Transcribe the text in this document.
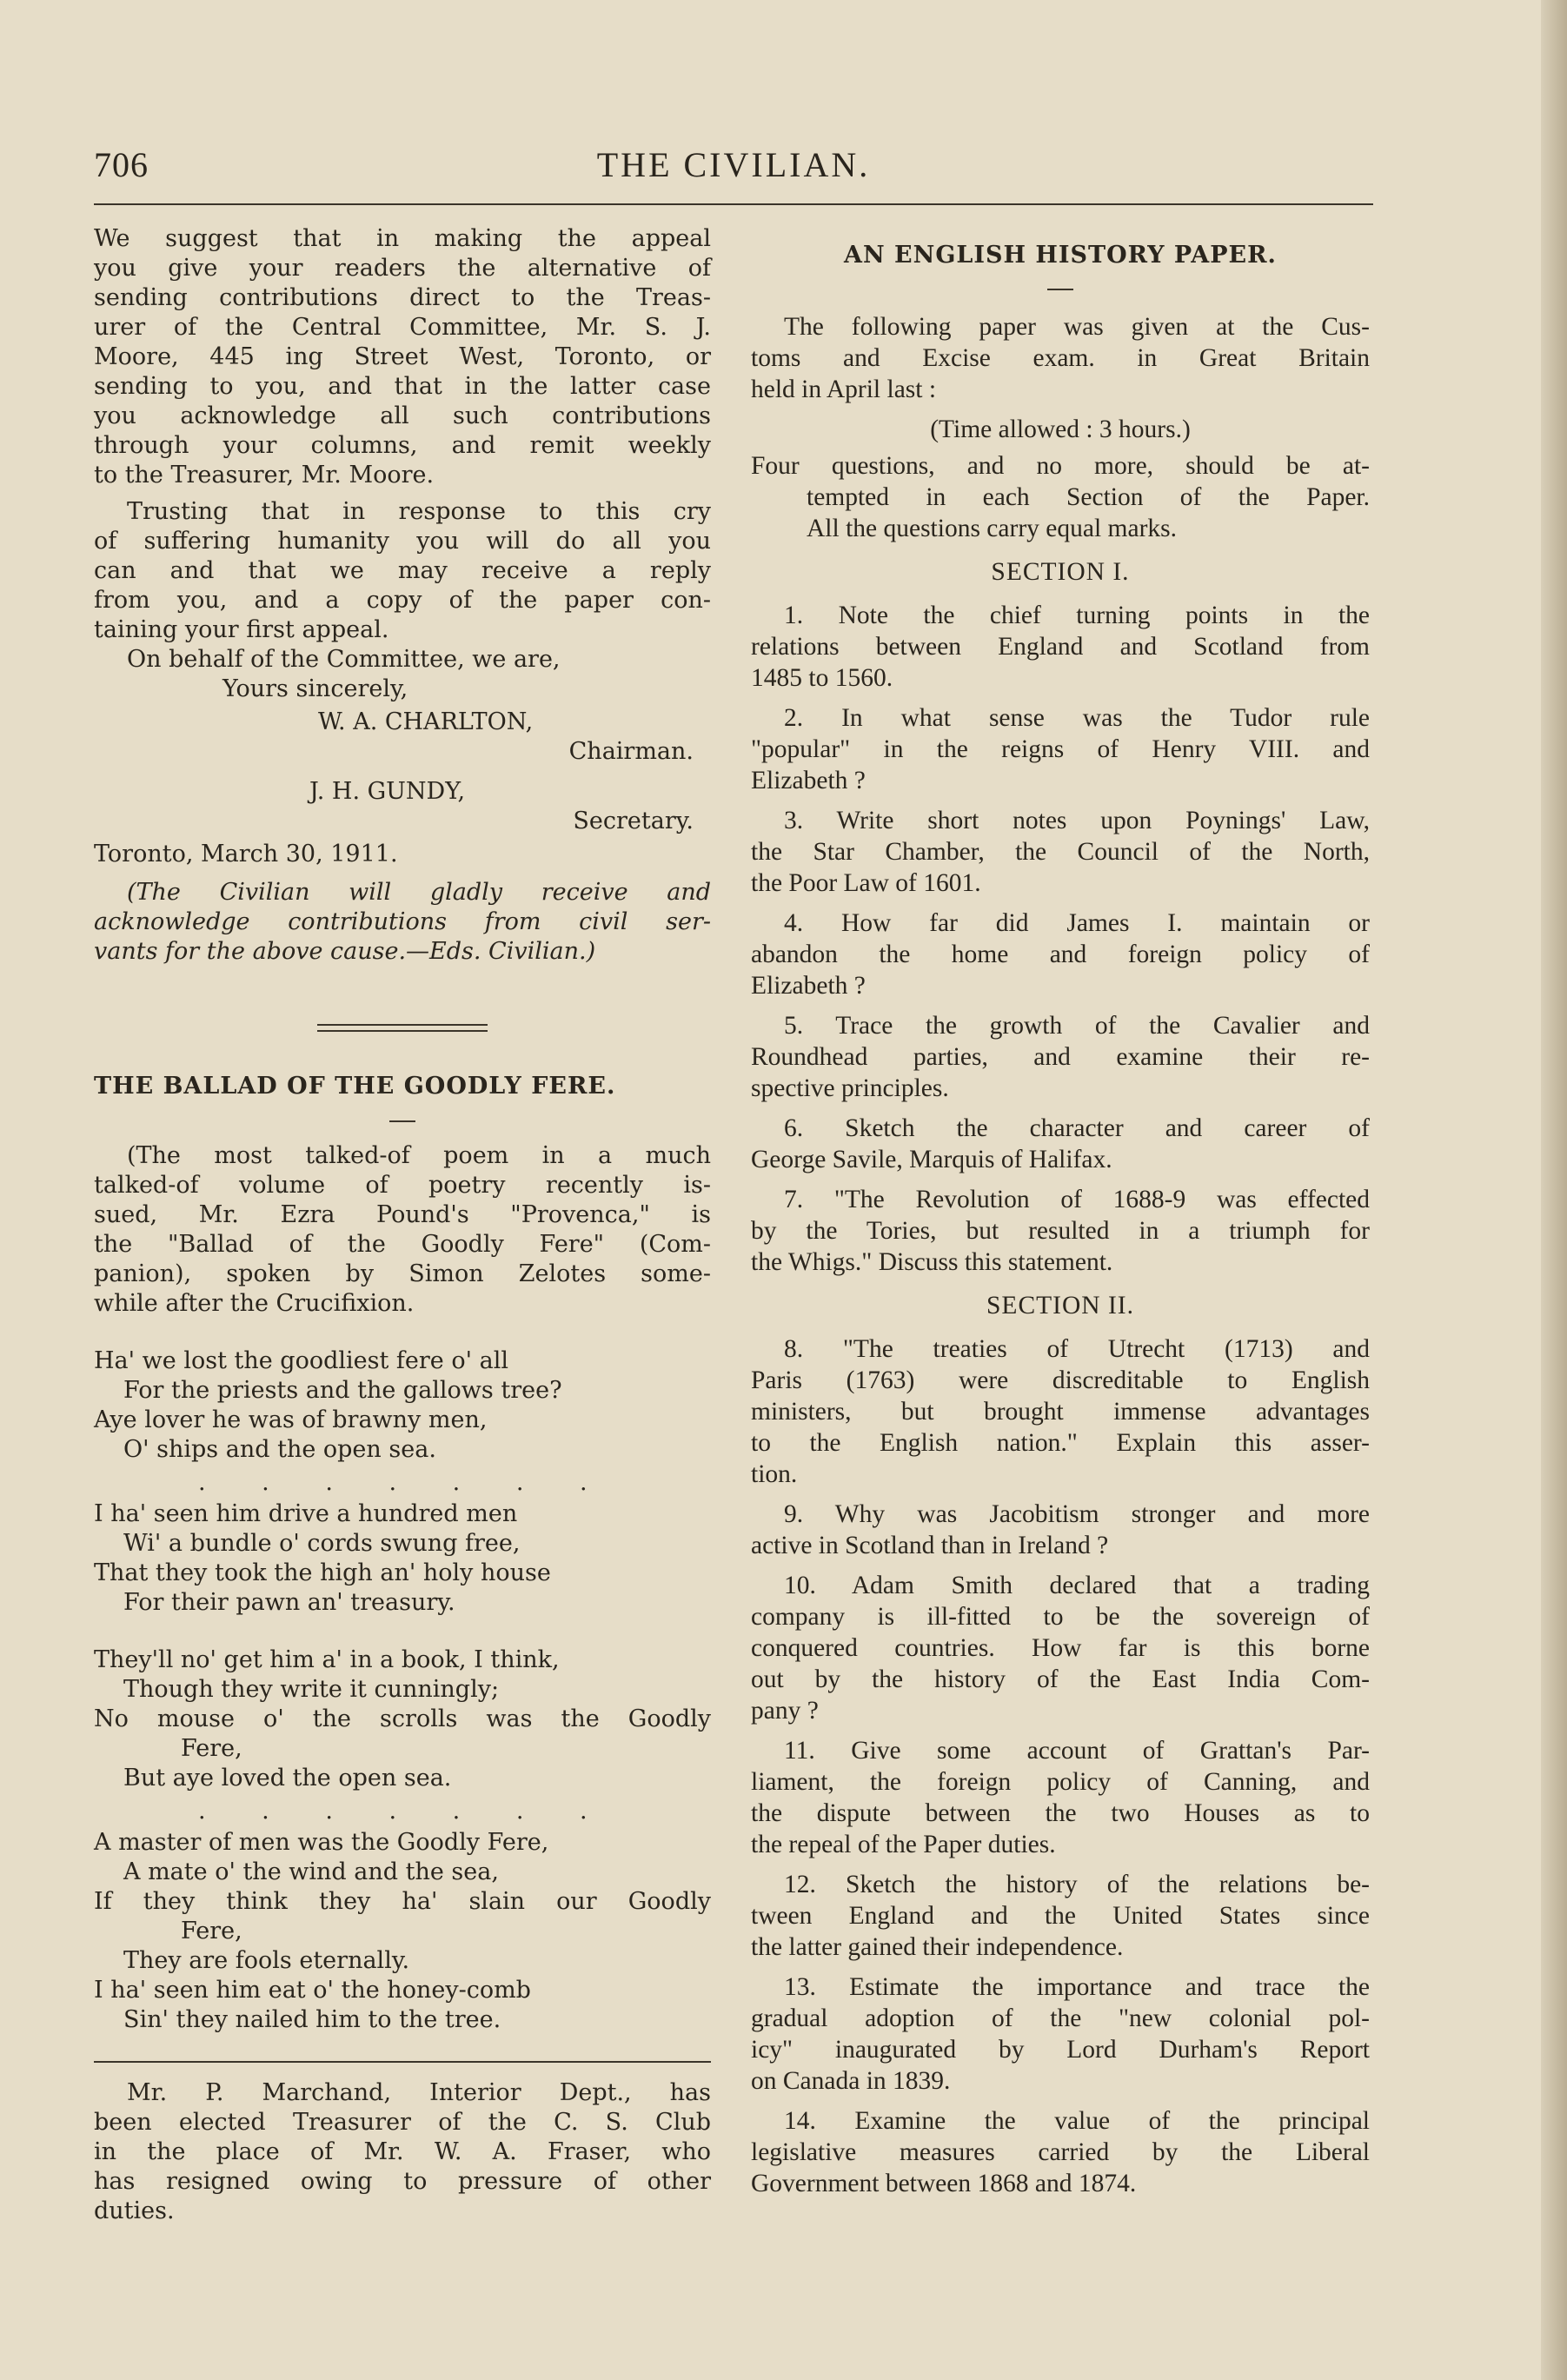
706	THE CIVILIAN.

We suggest that in making the appeal

you give your readers the alternative of

sending contributions direct to the Treas-

urer of the Central Committee, Mr. S. J.

Moore, 445 ing Street West, Toronto, or

sending to you, and that in the latter case

you acknowledge all such contributions

through your columns, and remit weekly

to the Treasurer, Mr. Moore.

Trusting that in response to this cry

of suffering humanity you will do all you

can and that we may receive a reply

from you, and a copy of the paper con-

taining your first appeal.

On behalf of the Committee, we are,

Yours sincerely,

W. A. CHARLTON,

Chairman.

J. H. GUNDY,

Secretary.

Toronto, March 30, 1911.

(The Civilian will gladly receive and

acknowledge contributions from civil ser-

vants for the above cause.—Eds. Civilian.)

THE BALLAD OF THE GOODLY FERE.

(The most talked-of poem in a much

talked-of volume of poetry recently is-

sued, Mr. Ezra Pound's "Provenca," is

the "Ballad of the Goodly Fere" (Com-

panion), spoken by Simon Zelotes some-

while after the Crucifixion.

Ha' we lost the goodliest fere o' all

For the priests and the gallows tree?

Aye lover he was of brawny men,

O' ships and the open sea.

. . . . . . .

I ha' seen him drive a hundred men

Wi' a bundle o' cords swung free,

That they took the high an' holy house

For their pawn an' treasury.

They'll no' get him a' in a book, I think,

Though they write it cunningly;

No mouse o' the scrolls was the Goodly

Fere,

But aye loved the open sea.

. . . . . . .

A master of men was the Goodly Fere,

A mate o' the wind and the sea,

If they think they ha' slain our Goodly

Fere,

They are fools eternally.

I ha' seen him eat o' the honey-comb

Sin' they nailed him to the tree.

Mr. P. Marchand, Interior Dept., has

been elected Treasurer of the C. S. Club

in the place of Mr. W. A. Fraser, who

has resigned owing to pressure of other

duties.

AN ENGLISH HISTORY PAPER.

The following paper was given at the Cus-

toms and Excise exam. in Great Britain

held in April last :

(Time allowed : 3 hours.)

Four questions, and no more, should be at-

tempted in each Section of the Paper.

All the questions carry equal marks.

SECTION I.

1. Note the chief turning points in the

relations between England and Scotland from

1485 to 1560.

2. In what sense was the Tudor rule

"popular" in the reigns of Henry VIII. and

Elizabeth ?

3. Write short notes upon Poynings' Law,

the Star Chamber, the Council of the North,

the Poor Law of 1601.

4. How far did James I. maintain or

abandon the home and foreign policy of

Elizabeth ?

5. Trace the growth of the Cavalier and

Roundhead parties, and examine their re-

spective principles.

6. Sketch the character and career of

George Savile, Marquis of Halifax.

7. "The Revolution of 1688-9 was effected

by the Tories, but resulted in a triumph for

the Whigs." Discuss this statement.

SECTION II.

8. "The treaties of Utrecht (1713) and

Paris (1763) were discreditable to English

ministers, but brought immense advantages

to the English nation." Explain this asser-

tion.

9. Why was Jacobitism stronger and more

active in Scotland than in Ireland ?

10. Adam Smith declared that a trading

company is ill-fitted to be the sovereign of

conquered countries. How far is this borne

out by the history of the East India Com-

pany ?

11. Give some account of Grattan's Par-

liament, the foreign policy of Canning, and

the dispute between the two Houses as to

the repeal of the Paper duties.

12. Sketch the history of the relations be-

tween England and the United States since

the latter gained their independence.

13. Estimate the importance and trace the

gradual adoption of the "new colonial pol-

icy" inaugurated by Lord Durham's Report

on Canada in 1839.

14. Examine the value of the principal

legislative measures carried by the Liberal

Government between 1868 and 1874.
